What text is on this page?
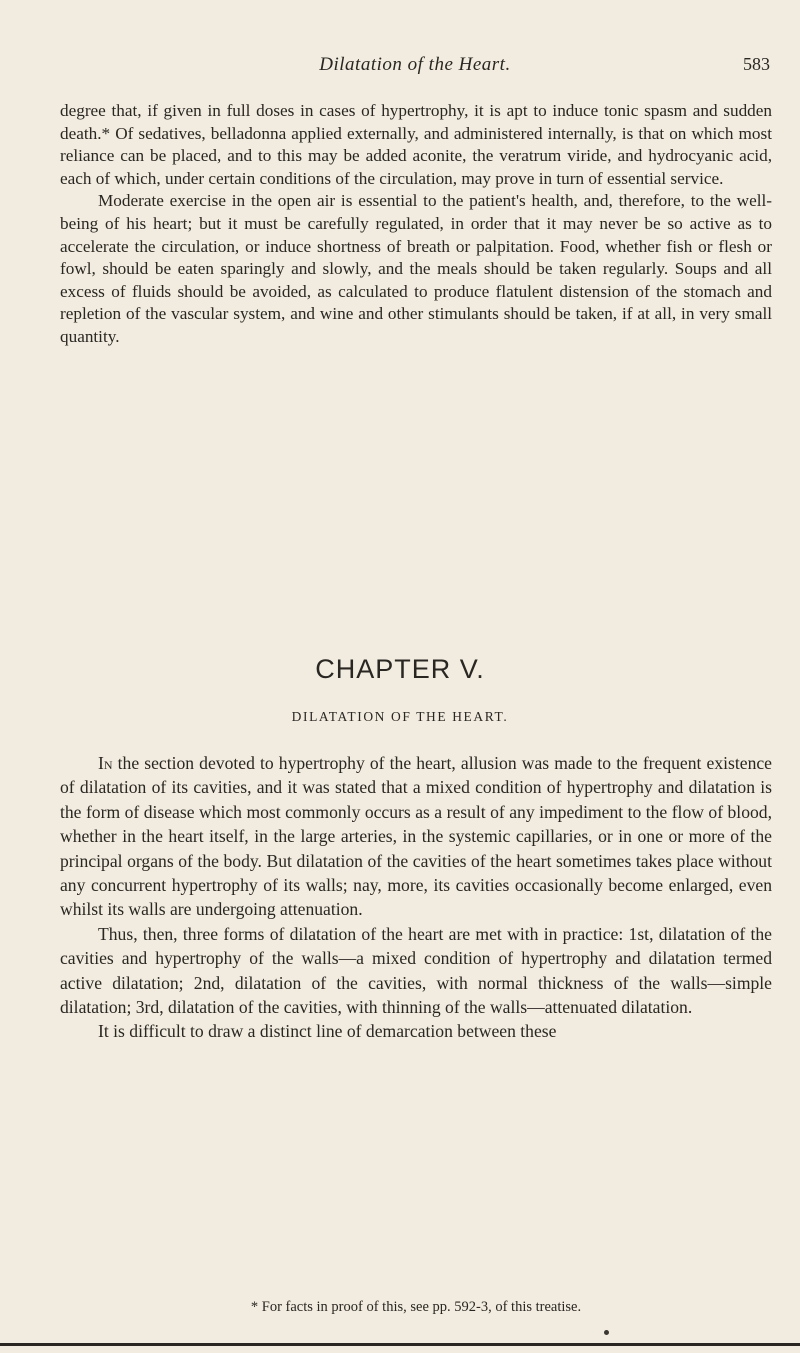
Dilatation of the Heart.	583

degree that, if given in full doses in cases of hypertrophy, it is apt to induce tonic spasm and sudden death.* Of sedatives, belladonna applied externally, and administered internally, is that on which most reliance can be placed, and to this may be added aconite, the veratrum viride, and hydrocyanic acid, each of which, under certain conditions of the circulation, may prove in turn of essential service.

Moderate exercise in the open air is essential to the patient's health, and, therefore, to the well-being of his heart; but it must be carefully regulated, in order that it may never be so active as to accelerate the circulation, or induce shortness of breath or palpitation. Food, whether fish or flesh or fowl, should be eaten sparingly and slowly, and the meals should be taken regularly. Soups and all excess of fluids should be avoided, as calculated to produce flatulent distension of the stomach and repletion of the vascular system, and wine and other stimulants should be taken, if at all, in very small quantity.

CHAPTER V.
DILATATION OF THE HEART.

In the section devoted to hypertrophy of the heart, allusion was made to the frequent existence of dilatation of its cavities, and it was stated that a mixed condition of hypertrophy and dilatation is the form of disease which most commonly occurs as a result of any impediment to the flow of blood, whether in the heart itself, in the large arteries, in the systemic capillaries, or in one or more of the principal organs of the body. But dilatation of the cavities of the heart sometimes takes place without any concurrent hypertrophy of its walls; nay, more, its cavities occasionally become enlarged, even whilst its walls are undergoing attenuation.

Thus, then, three forms of dilatation of the heart are met with in practice: 1st, dilatation of the cavities and hypertrophy of the walls—a mixed condition of hypertrophy and dilatation termed active dilatation; 2nd, dilatation of the cavities, with normal thickness of the walls—simple dilatation; 3rd, dilatation of the cavities, with thinning of the walls—attenuated dilatation.

It is difficult to draw a distinct line of demarcation between these

* For facts in proof of this, see pp. 592-3, of this treatise.
